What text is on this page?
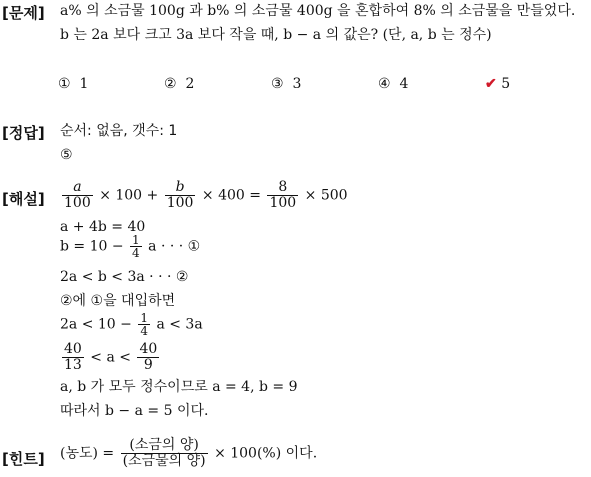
[문제] a% 의 소금물 100g 과 b% 의 소금물 400g 을 혼합하여 8% 의 소금물을 만들었다.
b 는 2a 보다 크고 3a 보다 작을 때, b − a 의 값은? (단, a, b 는 정수)
① 1	② 2	③ 3	④ 4	✔ 5
[정답] 순서: 없음, 갯수: 1
⑤
[해설] $\frac{a}{100} \times 100 + \frac{b}{100} \times 400 = \frac{8}{100} \times 500$
a + 4b = 40
$b = 10 - \frac{1}{4}$ a · · · ①
2a < b < 3a · · · ②
②에 ①을 대입하면
$2a < 10 - \frac{1}{4}$ a < 3a
$\frac{40}{13} < a < \frac{40}{9}$
a, b 가 모두 정수이므로 a = 4, b = 9
따라서 b − a = 5 이다.
[힌트] (농도) = $\frac{\text{(소금의 양)}}{\text{(소금물의 양)}} \times 100(\%)$ 이다.
